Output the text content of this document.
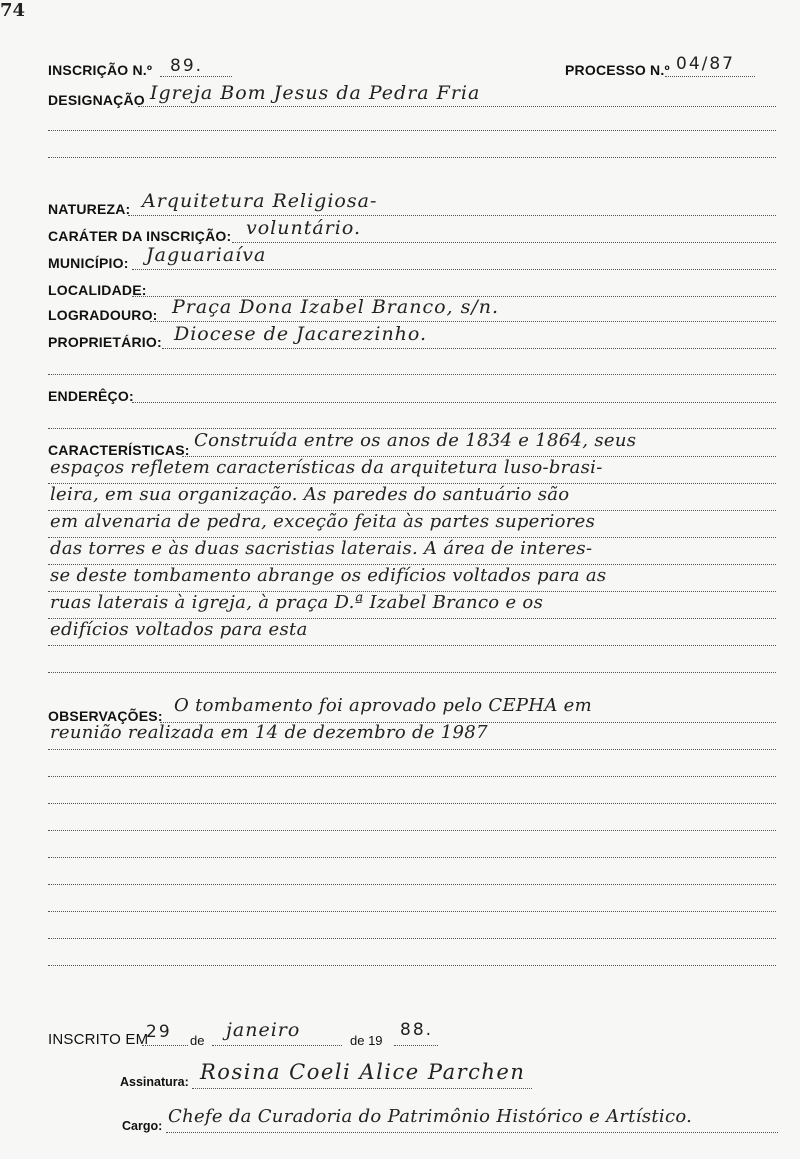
74
INSCRIÇÃO N.º 89.	PROCESSO N.º 04/87
DESIGNAÇÃO Igreja Bom Jesus da Pedra Fria
NATUREZA: Arquitetura Religiosa-
CARÁTER DA INSCRIÇÃO: voluntário.
MUNICÍPIO: Jaguariaíva
LOCALIDADE:
LOGRADOURO: Praça Dona Izabel Branco, s/n.
PROPRIETÁRIO: Diocese de Jacarezinho.
ENDERÊÇO:
CARACTERÍSTICAS: Construída entre os anos de 1834 e 1864, seus
espaços refletem características da arquitetura luso-brasi-
leira, em sua organização. As paredes do santuário são
em alvenaria de pedra, exceção feita às partes superiores
das torres e às duas sacristias laterais. A área de interes-
se deste tombamento abrange os edifícios voltados para as
ruas laterais à igreja, à praça D.ª Izabel Branco e os
edifícios voltados para esta
OBSERVAÇÕES: O tombamento foi aprovado pelo CEPHA em
reunião realizada em 14 de dezembro de 1987
INSCRITO EM
29 de janeiro	de 19
88.
Assinatura: Rosina Coeli Alice Parchen
Cargo: Chefe da Curadoria do Patrimônio Histórico e Artístico.
